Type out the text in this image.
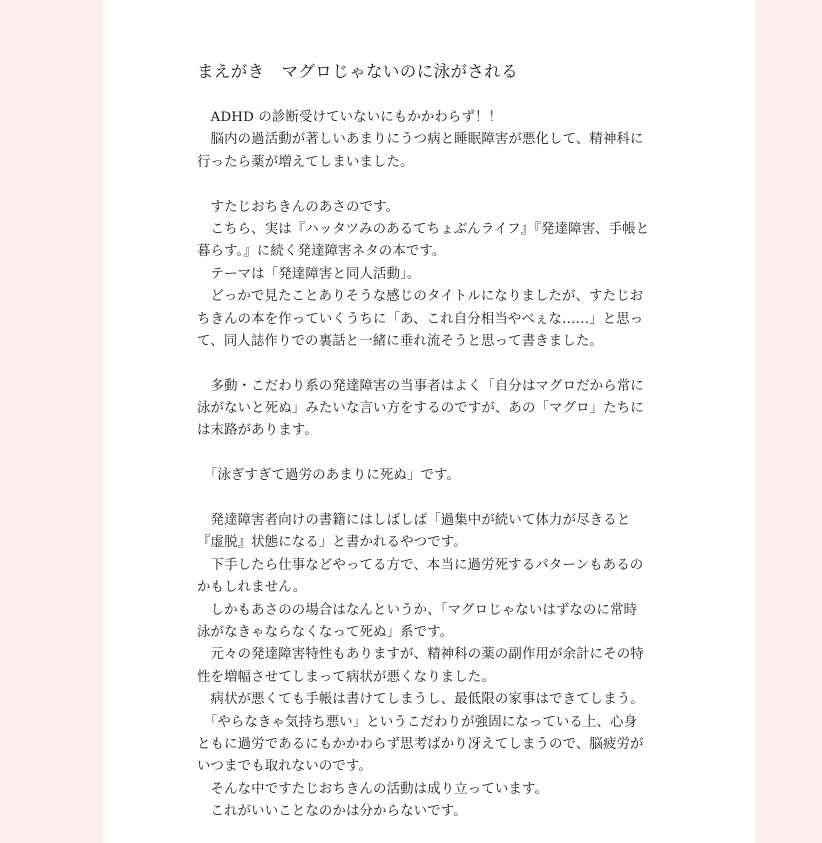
まえがき　マグロじゃないのに泳がされる
　ADHD の診断受けていないにもかかわらず！！
　脳内の過活動が著しいあまりにうつ病と睡眠障害が悪化して、精神科に
行ったら薬が増えてしまいました。
　すたじおちきんのあさのです。
　こちら、実は『ハッタツみのあるてちょぶんライフ』『発達障害、手帳と
暮らす。』に続く発達障害ネタの本です。
　テーマは「発達障害と同人活動」。
　どっかで見たことありそうな感じのタイトルになりましたが、すたじお
ちきんの本を作っていくうちに「あ、これ自分相当やべぇな……」と思っ
て、同人誌作りでの裏話と一緒に垂れ流そうと思って書きました。
　多動・こだわり系の発達障害の当事者はよく「自分はマグロだから常に
泳がないと死ぬ」みたいな言い方をするのですが、あの「マグロ」たちに
は末路があります。
　「泳ぎすぎて過労のあまりに死ぬ」です。
　発達障害者向けの書籍にはしばしば「過集中が続いて体力が尽きると
『虚脱』状態になる」と書かれるやつです。
　下手したら仕事などやってる方で、本当に過労死するパターンもあるの
かもしれません。
　しかもあさのの場合はなんというか、「マグロじゃないはずなのに常時
泳がなきゃならなくなって死ぬ」系です。
　元々の発達障害特性もありますが、精神科の薬の副作用が余計にその特
性を増幅させてしまって病状が悪くなりました。
　病状が悪くても手帳は書けてしまうし、最低限の家事はできてしまう。
　「やらなきゃ気持ち悪い」というこだわりが強固になっている上、心身
ともに過労であるにもかかわらず思考ばかり冴えてしまうので、脳疲労が
いつまでも取れないのです。
　そんな中ですたじおちきんの活動は成り立っています。
　これがいいことなのかは分からないです。
